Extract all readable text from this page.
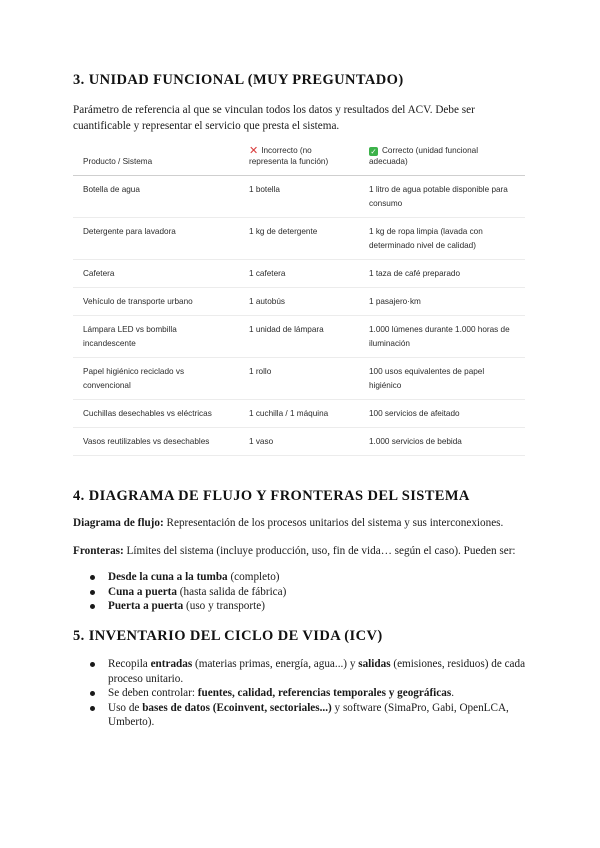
3. UNIDAD FUNCIONAL (MUY PREGUNTADO)

Parámetro de referencia al que se vinculan todos los datos y resultados del ACV. Debe ser cuantificable y representar el servicio que presta el sistema.

Producto / Sistema	✕ Incorrecto (no representa la función)	✓ Correcto (unidad funcional adecuada)
Botella de agua	1 botella	1 litro de agua potable disponible para consumo
Detergente para lavadora	1 kg de detergente	1 kg de ropa limpia (lavada con determinado nivel de calidad)
Cafetera	1 cafetera	1 taza de café preparado
Vehículo de transporte urbano	1 autobús	1 pasajero·km
Lámpara LED vs bombilla incandescente	1 unidad de lámpara	1.000 lúmenes durante 1.000 horas de iluminación
Papel higiénico reciclado vs convencional	1 rollo	100 usos equivalentes de papel higiénico
Cuchillas desechables vs eléctricas	1 cuchilla / 1 máquina	100 servicios de afeitado
Vasos reutilizables vs desechables	1 vaso	1.000 servicios de bebida
4. DIAGRAMA DE FLUJO Y FRONTERAS DEL SISTEMA

Diagrama de flujo: Representación de los procesos unitarios del sistema y sus interconexiones.

Fronteras: Límites del sistema (incluye producción, uso, fin de vida… según el caso). Pueden ser:

Desde la cuna a la tumba (completo)
Cuna a puerta (hasta salida de fábrica)
Puerta a puerta (uso y transporte)
5. INVENTARIO DEL CICLO DE VIDA (ICV)
Recopila entradas (materias primas, energía, agua...) y salidas (emisiones, residuos) de cada proceso unitario.
Se deben controlar: fuentes, calidad, referencias temporales y geográficas.
Uso de bases de datos (Ecoinvent, sectoriales...) y software (SimaPro, Gabi, OpenLCA, Umberto).
